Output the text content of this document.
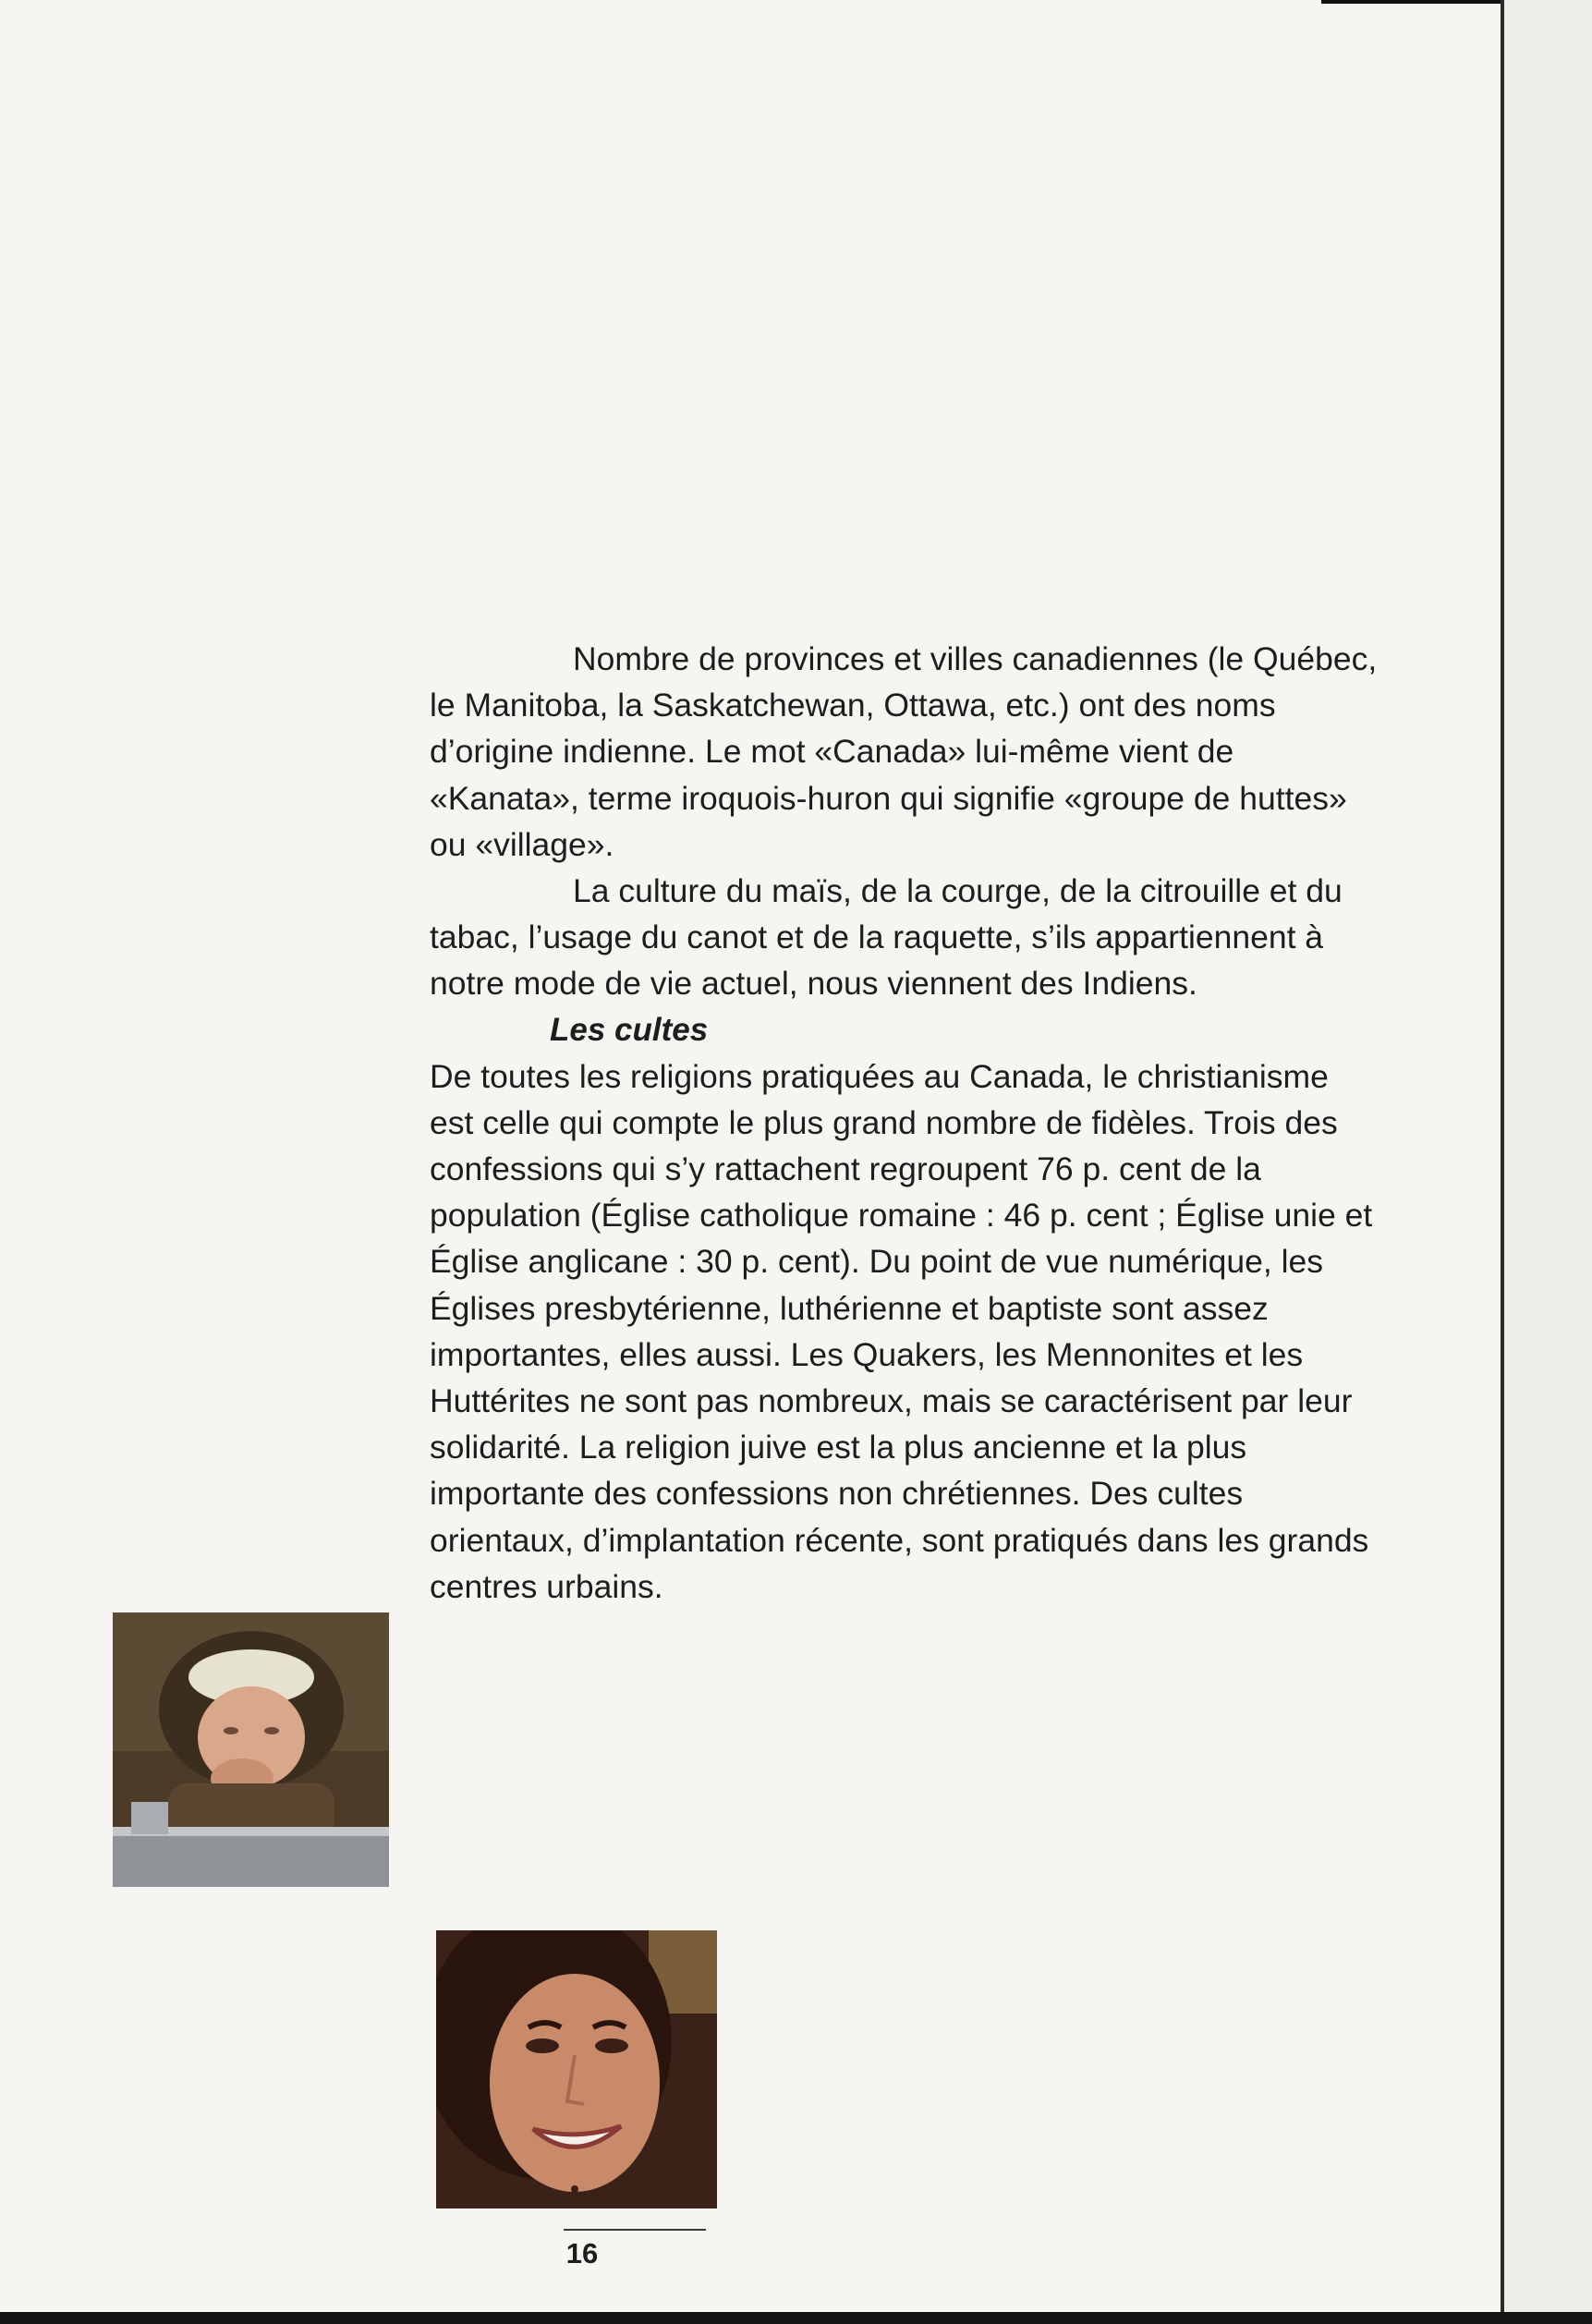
Nombre de provinces et villes canadiennes (le Québec, le Manitoba, la Saskatchewan, Ottawa, etc.) ont des noms d’origine indienne. Le mot «Canada» lui-même vient de «Kanata», terme iroquois-huron qui signifie «groupe de huttes» ou «village».

La culture du maïs, de la courge, de la citrouille et du tabac, l’usage du canot et de la raquette, s’ils appartiennent à notre mode de vie actuel, nous viennent des Indiens.

Les cultes

De toutes les religions pratiquées au Canada, le christianisme est celle qui compte le plus grand nombre de fidèles. Trois des confessions qui s’y rattachent regroupent 76 p. cent de la population (Église catholique romaine : 46 p. cent ; Église unie et Église anglicane : 30 p. cent). Du point de vue numérique, les Églises presbytérienne, luthérienne et baptiste sont assez importantes, elles aussi. Les Quakers, les Mennonites et les Huttérites ne sont pas nombreux, mais se caractérisent par leur solidarité. La religion juive est la plus ancienne et la plus importante des confessions non chrétiennes. Des cultes orientaux, d’implantation récente, sont pratiqués dans les grands centres urbains.

16
